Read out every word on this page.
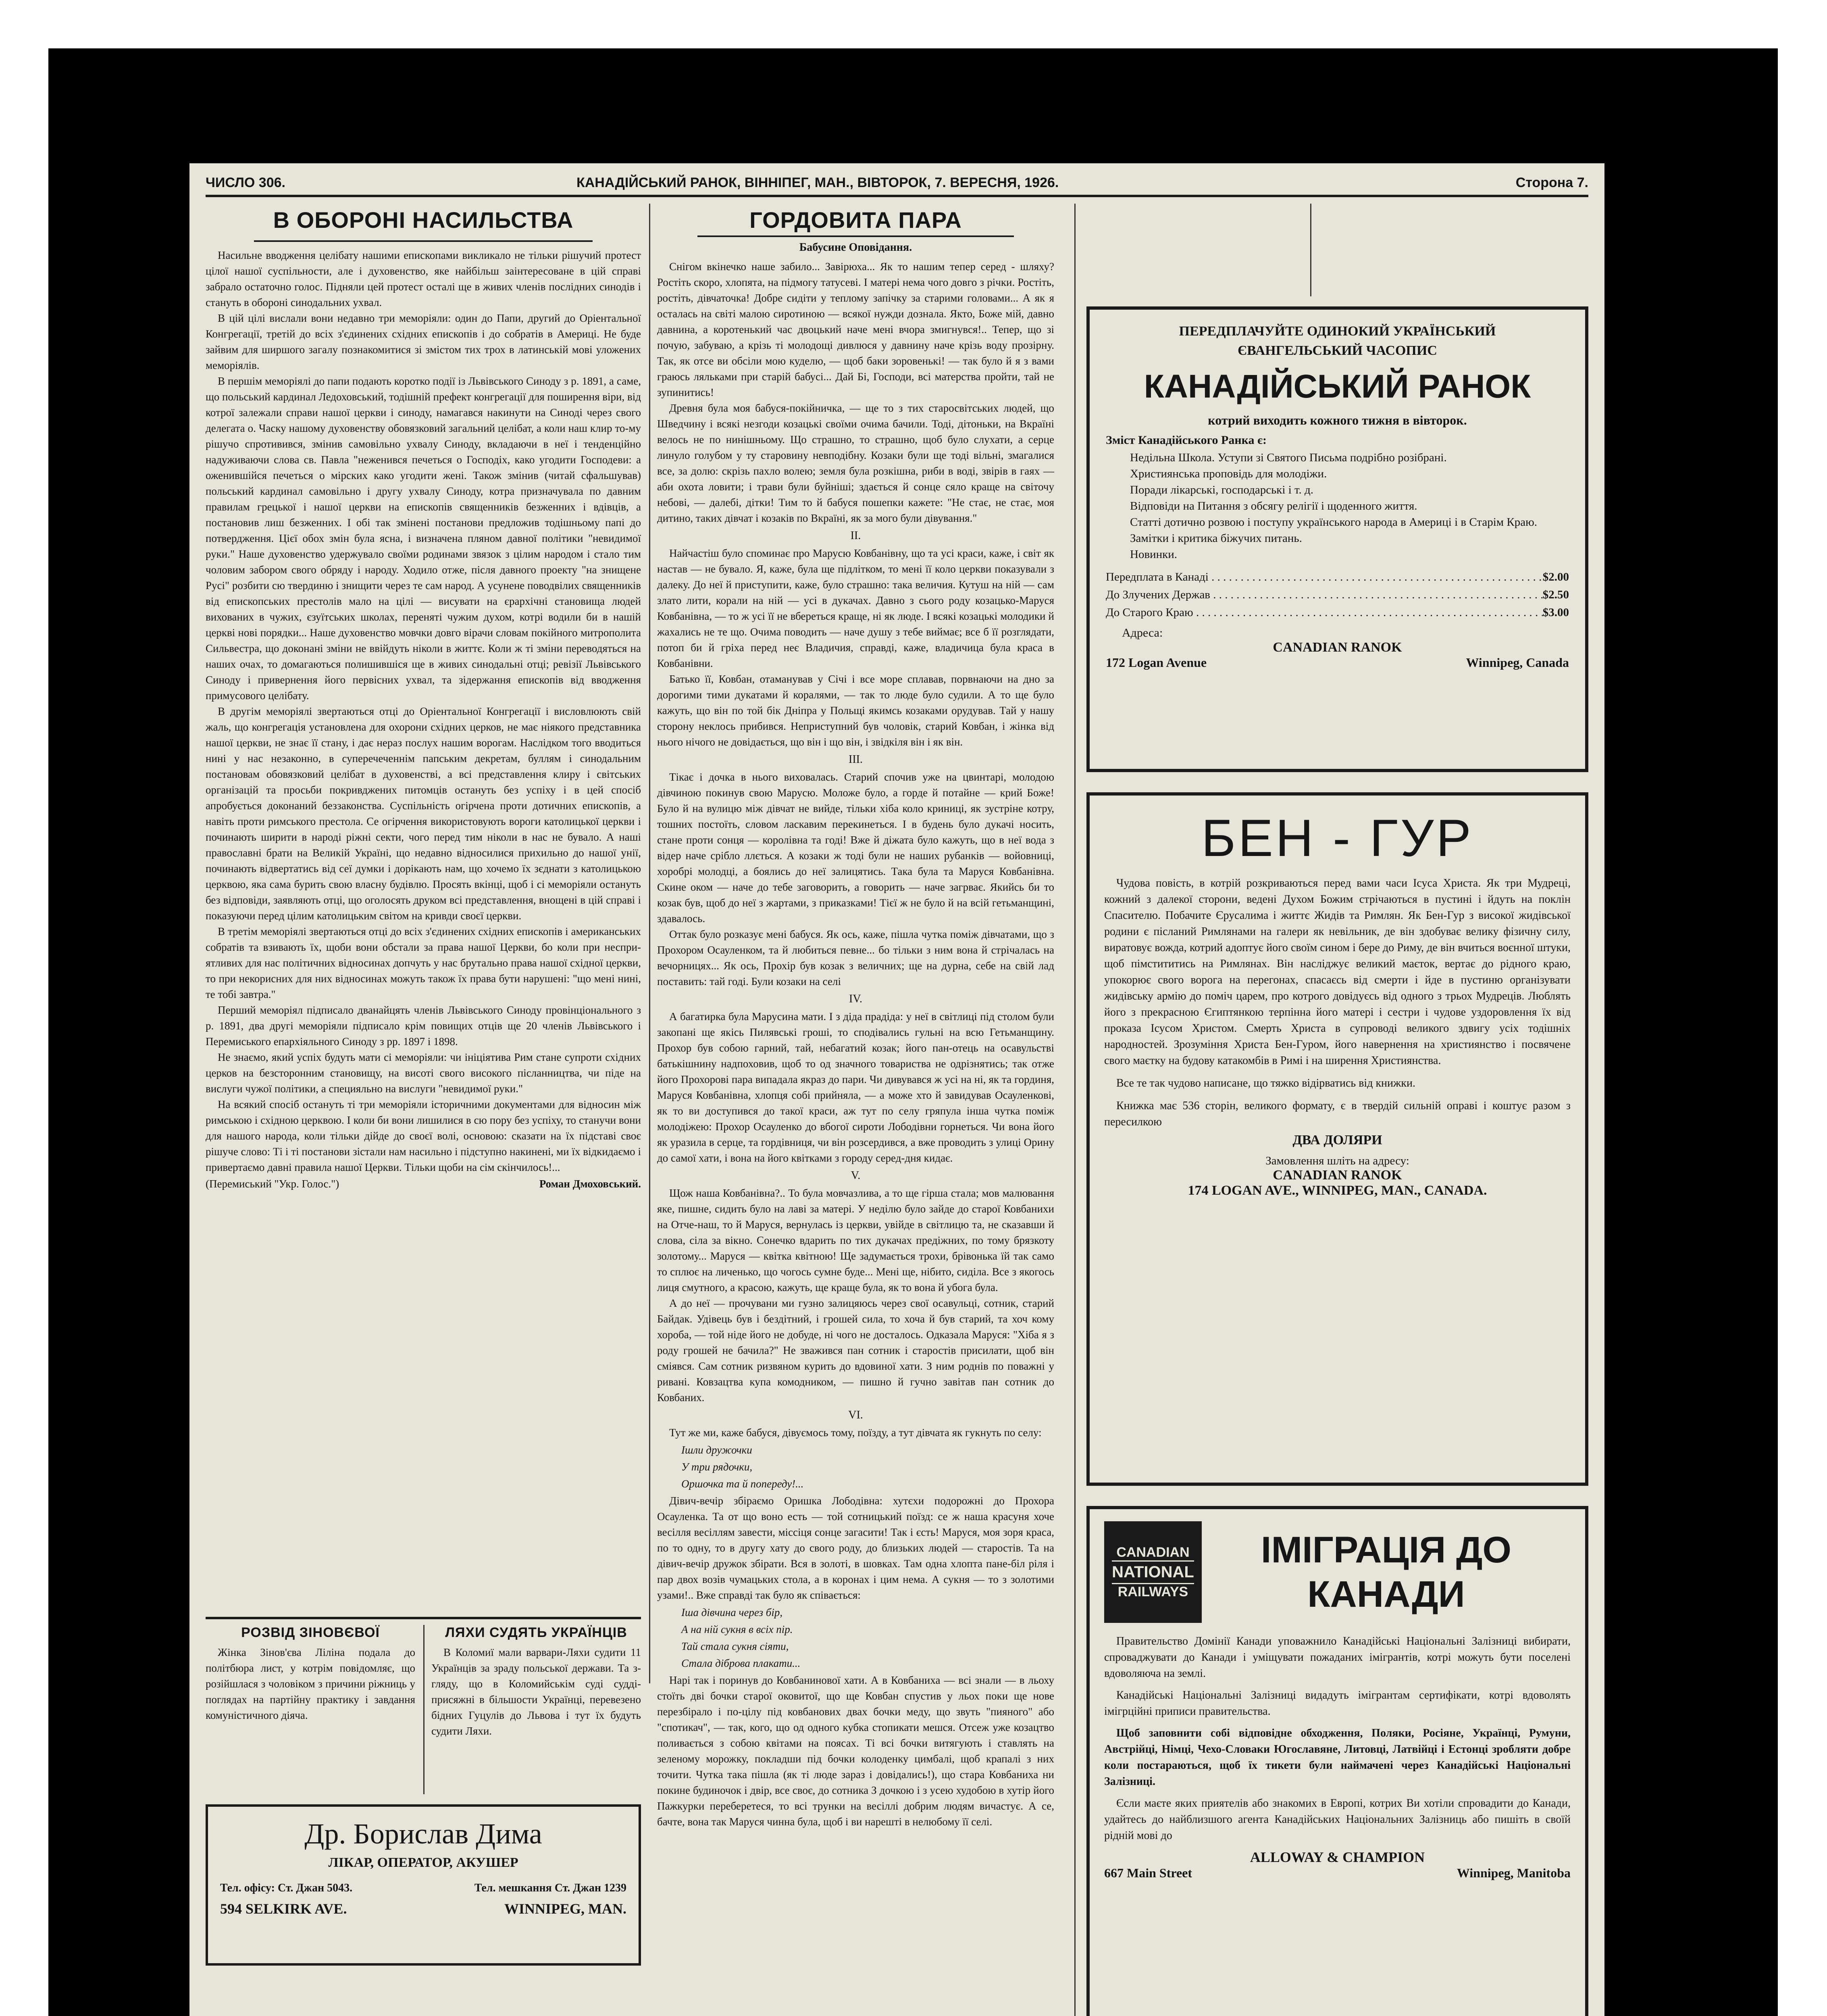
ЧИСЛО 306.	КАНАДІЙСЬКИЙ РАНОК, ВІННІПЕГ, МАН., ВІВТОРОК, 7. ВЕРЕСНЯ, 1926.	Сторона 7.
В ОБОРОНІ НАСИЛЬСТВА

Насильне вводження целібату нашими епископами викликало не тільки рішучий протест цілої нашої суспільности, але і духовенство, яке найбільш заінтересоване в цій справі забрало остаточно голос. Підняли цей протест осталі ще в живих членів послідних синодів і стануть в обороні синодальних ухвал.

В цій цілі вислали вони недавно три меморіяли: один до Папи, другий до Оріентальної Конгрегації, третій до всіх з'єдинених східних епископів і до собратів в Америці. Не буде зайвим для ширшого загалу познакомитися зі змістом тих трох в латинській мові уложених меморіялів.

В першім меморіялі до папи подають коротко події із Львівського Синоду з р. 1891, а саме, що польський кардинал Ледоховський, тодішній префект конгрегації для поширення віри, від котрої залежали справи нашої церкви і синоду, намагався накинути на Синоді через свого делегата о. Часку нашому духовенству обовязковий загальний целібат, а коли наш клир то-му рішучо спротивився, змінив самовільно ухвалу Синоду, вкладаючи в неї і тенденційно надуживаючи слова св. Павла "неженився печеться о Господіх, како угодити Господеви: а оженившійся печеться о мірских како угодити жені. Також змінив (читай сфальшував) польський кардинал самовільно і другу ухвалу Синоду, котра призначувала по давним правилам грецької і нашої церкви на епископів священників безженних і вдівців, а постановив лиш безженних. І обі так змінені постанови предложив тодішньому папі до потвердження. Цієї обох змін була ясна, і визначена пляном давної політики "невидимої руки." Наше духовенство удержувало своїми родинами звязок з цілим народом і стало тим чоловим забором свого обряду і народу. Ходило отже, після давного проекту "на знищене Русі" розбити сю твердиню і знищити через те сам народ. А усунене поводвілих священників від епископських престолів мало на цілі — висувати на єрархічні становища людей вихованих в чужих, єзуїтських школах, переняті чужим духом, котрі водили би в нашій церкві нові порядки... Наше духовенство мовчки довго вірачи словам покійного митрополита Сильвестра, що доконані зміни не ввійдуть ніколи в життє. Коли ж ті зміни переводяться на наших очах, то домагаються полишившіся ще в живих синодальні отці; ревізії Львівського Синоду і привернення його первісних ухвал, та зідержання епископів від вводження примусового целібату.

В другім меморіялі звертаються отці до Оріентальної Конгрегації і висловлюють свій жаль, що конгрегація установлена для охорони східних церков, не має ніякого представника нашої церкви, не знає її стану, і дає нераз послух нашим ворогам. Наслідком того вводиться нині у нас незаконно, в суперечеченнім папським декретам, буллям і синодальним постановам обовязковий целібат в духовенстві, а всі представлення клиру і світських організацій та просьби покривджених питомців остануть без успіху і в цей спосіб апробується доконаний беззаконства. Суспільність огірчена проти дотичних епископів, а навіть проти римського престола. Се огірчення використовують вороги католицької церкви і починають ширити в народі ріжні секти, чого перед тим ніколи в нас не бувало. А наші православні брати на Великій Україні, що недавно відносилися прихильно до нашої унії, починають відвертатись від сеї думки і дорікають нам, що хочемо їх зєднати з католицькою церквою, яка сама бурить свою власну будівлю. Просять вкінці, щоб і сі меморіяли остануть без відповіди, заявляють отці, що оголосять друком всі представлення, внощені в цій справі і показуючи перед цілим католицьким світом на кривди своєї церкви.

В третім меморіялі звертаються отці до всіх з'єдинених східних епископів і американських собратів та взивають їх, щоби вони обстали за права нашої Церкви, бо коли при неспри-ятливих для нас політичних відносинах допчуть у нас брутально права нашої східної церкви, то при некорисних для них відносинах можуть також їх права бути нарушені: "що мені нині, те тобі завтра."

Перший меморіял підписало дванайцять членів Львівського Синоду провінціонального з р. 1891, два другі меморіяли підписало крім повищих отців ще 20 членів Львівського і Перемиського епархіяльного Синоду з рр. 1897 і 1898.

Не знаємо, який успіх будуть мати сі меморіяли: чи ініціятива Рим стане супроти східних церков на безсторонним становищу, на висоті свого високого післанництва, чи піде на вислуги чужої політики, а специяльно на вислуги "невидимої руки."

На всякий спосіб остануть ті три меморіяли історичними документами для відносин між римською і східною церквою. І коли би вони лишилися в сю пору без успіху, то станучи вони для нашого народа, коли тільки дійде до своєї волі, основою: сказати на їх підставі своє рішуче слово: Ті і ті постанови зістали нам насильно і підступно накинені, ми їх відкидаємо і привертаємо давні правила нашої Церкви. Тільки щоби на сім скінчилось!...

(Перемиський "Укр. Голос.")	Роман Дмоховський.
РОЗВІД ЗІНОВЄВОЇ

Жінка Зінов'єва Ліліна подала до політбюра лист, у котрім повідомляє, що розійшлася з чоловіком з причини ріжниць у поглядах на партійну практику і завдання комуністичного діяча.

ЛЯХИ СУДЯТЬ УКРАЇНЦІВ

В Коломиї мали варвари-Ляхи судити 11 Українців за зраду польської держави. Та з-гляду, що в Коломийськім суді судді-присяжні в більшости Українці, перевезено бідних Гуцулів до Львова і тут їх будуть судити Ляхи.

Др. Борислав Дима
ЛІКАР, ОПЕРАТОР, АКУШЕР
Тел. офісу: Ст. Джан 5043.	Тел. мешкання Ст. Джан 1239
594 SELKIRK AVE.	WINNIPEG, MAN.
ГОРДОВИТА ПАРА
Бабусине Оповідання.

Снігом вкінечко наше забило... Завірюха... Як то нашим тепер серед - шляху? Ростіть скоро, хлопята, на підмогу татусеві. І матері нема чого довго з річки. Ростіть, ростіть, дівчаточка! Добре сидіти у теплому запічку за старими головами... А як я осталась на світі малою сиротиною — всякої нужди дознала. Якто, Боже мій, давно давнина, а коротенький час двоцький наче мені вчора змигнувся!.. Тепер, що зі почую, забуваю, а крізь ті молодощі дивлюся у давнину наче крізь воду прозірну. Так, як отсе ви обсіли мою куделю, — щоб баки зоровенькі! — так було й я з вами граюсь ляльками при старій бабусі... Дай Бі, Господи, всі матерства пройти, тай не зупинитись!

Древня була моя бабуся-покійничка, — ще то з тих старосвітських людей, що Шведчину і всякі незгоди козацькі своїми очима бачили. Тоді, дітоньки, на Вкраїні велось не по нинішньому. Що страшно, то страшно, щоб було слухати, а серце линуло голубом у ту старовину невподібну. Козаки були ще тоді вільні, змагалися все, за долю: скрізь пахло волею; земля була розкішна, риби в воді, звірів в гаях — аби охота ловити; і трави були буйніші; здається й сонце сяло краще на світочу небові, — далебі, дітки! Тим то й бабуся пошепки кажете: "Не стає, не стає, моя дитино, таких дівчат і козаків по Вкраїні, як за мого були дівування."

II.

Найчастіш було споминає про Марусю Ковбанівну, що та усі краси, каже, і світ як настав — не бувало. Я, каже, була ще підлітком, то мені її коло церкви показували з далеку. До неї й приступити, каже, було страшно: така величия. Кутуш на ній — сам злато лити, корали на ній — усі в дукачах. Давно з сього роду козацько-Маруся Ковбанівна, — то ж усі її не вбереться краще, ні як люде. І всякі козацькі молодики й жахались не те що. Очима поводить — наче душу з тебе виймає; все б її розглядати, потоп би й гріха перед неє Владичия, справді, каже, владичица була краса в Ковбанівни.

Батько її, Ковбан, отаманував у Січі і все море сплавав, порвнаючи на дно за дорогими тими дукатами й коралями, — так то люде було судили. А то ще було кажуть, що він по той бік Дніпра у Польщі якимсь козаками орудував. Тай у нашу сторону неклось прибився. Неприступний був чоловік, старий Ковбан, і жінка від нього нічого не довідається, що він і що він, і звідкіля він і як він.

III.

Тікає і дочка в нього виховалась. Старий спочив уже на цвинтарі, молодою дівчиною покинув свою Марусю. Моложе було, а горде й потайне — крий Боже! Було й на вулицю між дівчат не вийде, тільки хіба коло криниці, як зустріне котру, тошних постоїть, словом ласкавим перекинеться. І в будень було дукачі носить, стане проти сонця — королівна та годі! Вже й діжата було кажуть, що в неї вода з відер наче срібло ллється. А козаки ж тоді були не наших рубанків — войовниці, хоробрі молодці, а боялись до неї залицятись. Така була та Маруся Ковбанівна. Скине оком — наче до тебе заговорить, а говорить — наче загрває. Якийсь би то козак був, щоб до неї з жартами, з приказками! Тієї ж не було й на всій гетьманщині, здавалось.

Оттак було розказує мені бабуся. Як ось, каже, пішла чутка поміж дівчатами, що з Прохором Осауленком, та й любиться певне... бо тільки з ним вона й стрічалась на вечорницях... Як ось, Прохір був козак з величних; ще на дурна, себе на свій лад поставить: тай годі. Були козаки на селі

IV.

А багатирка була Марусина мати. І з діда прадіда: у неї в світлиці під столом були закопані ще якісь Пилявські гроші, то сподівались гульні на всю Гетьманщину. Прохор був собою гарний, тай, небагатий козак; його пан-отець на осавульстві батькішнину надпоховив, щоб то од значного товариства не одрізнятись; так отже його Прохорові пара випадала якраз до пари. Чи дивувався ж усі на ні, як та гординя, Маруся Ковбанівна, хлопця собі прийняла, — а може хто й завидував Осауленкові, як то ви доступився до такої краси, аж тут по селу гряпула інша чутка поміж молодіжею: Прохор Осауленко до вбогої сироти Лободівни горнеться. Чи вона його як уразила в серце, та гордівниця, чи він розсердився, а вже проводить з улиці Орину до самої хати, і вона на його квітками з городу серед-дня кидає.

V.

Щож наша Ковбанівна?.. То була мовчазлива, а то ще гірша стала; мов малювання яке, пишне, сидить було на лаві за матері. У неділю було зайде до старої Ковбанихи на Отче-наш, то й Маруся, вернулась із церкви, увійде в світлицю та, не сказавши й слова, сіла за вікно. Сонечко вдарить по тих дукачах предіжних, по тому брязкоту золотому... Маруся — квітка квітною! Ще задумається трохи, брівонька їй так само то сплює на личенько, що чогось сумне буде... Мені ще, нібито, сиділа. Все з якогось лиця смутного, а красою, кажуть, ще краще була, як то вона й убога була.

А до неї — прочувани ми гузно залицяюсь через свої осавульці, сотник, старий Байдак. Удівець був і бездітний, і грошей сила, то хоча й був старий, та хоч кому хороба, — той ніде його не добуде, ні чого не досталось. Одказала Маруся: "Хіба я з роду грошей не бачила?" Не зважився пан сотник і старостів присилати, щоб він сміявся. Сам сотник ризвяном курить до вдовиної хати. З ним роднів по поважні у ривані. Ковзацтва купа комодником, — пишно й гучно завітав пан сотник до Ковбаних.

VI.

Тут же ми, каже бабуся, дівуємось тому, поїзду, а тут дівчата як гукнуть по селу:

Ішли дружочки
У три рядочки,
Оршочка та й попереду!...

Дівич-вечір збіраємо Оришка Лободівна: хутєхи подорожні до Прохора Осауленка. Та от що воно есть — той сотницький поїзд: се ж наша красуня хоче весілля весіллям завести, міссіця сонце загасити! Так і єсть! Маруся, моя зоря краса, по то одну, то в другу хату до свого роду, до близьких людей — старостів. Та на дівич-вечір дружок збірати. Вся в золоті, в шовках. Там одна хлопта пане-біл ріля і пар двох возів чумацьких стола, а в коронах і цим нема. А сукня — то з золотими узами!.. Вже справді так було як співається:

Іша дівчина через бір,
А на ній сукня в всіх пір.
Тай стала сукня сіяти,
Стала діброва плакати...

Нарі так і поринув до Ковбанинової хати. А в Ковбаниха — всі знали — в льоху стоїть дві бочки старої оковитої, що ще Ковбан спустив у льох поки ще нове перезбірало і по-цілу під ковбанових двах бочки меду, що звуть "пияного" або "спотикач", — так, кого, що од одного кубка стопикати мешся. Отсеж уже козацтво поливається з собою квітами на поясах. Ті всі бочки витягують і ставлять на зеленому морожку, покладши під бочки колоденку цимбалі, щоб крапалі з них точити. Чутка така пішла (як ті люде зараз і довідались!), що стара Ковбаниха ни покине будиночок і двір, все своє, до сотника З дочкою і з усею худобою в хутір його Пажкурки переберетеся, то всі трунки на весіллі добрим людям вичастує. А се, бачте, вона так Маруся чинна була, щоб і ви нарешті в нелюбому її селі.

ПЕРЕДПЛАЧУЙТЕ ОДИНОКИЙ УКРАЇНСЬКИЙ
ЄВАНГЕЛЬСЬКИЙ ЧАСОПИС
КАНАДІЙСЬКИЙ РАНОК
котрий виходить кожного тижня в вівторок.
Зміст Канадійського Ранка є:
Недільна Школа. Уступи зі Святого Письма подрібно розібрані.
Християнська проповідь для молодіжи.
Поради лікарські, господарські і т. д.
Відповіди на Питання з обсягу релігії і щоденного життя.
Статті дотично розвою і поступу українського народа в Америці і в Старім Краю.
Замітки і критика біжучих питань.
Новинки.
Передплата в Канаді . . .	$2.00
До Злучених Держав . . .	$2.50
До Старого Краю . . .	$3.00
Адреса:
CANADIAN RANOK
172 Logan Avenue	Winnipeg, Canada
БЕН - ГУР

Чудова повість, в котрій розкриваються перед вами часи Ісуса Христа. Як три Мудреці, кожний з далекої сторони, ведені Духом Божим стрічаються в пустині і йдуть на поклін Спасителю. Побачите Єрусалима і життє Жидів та Римлян. Як Бен-Гур з високої жидівської родини є післаний Римлянами на галери як невільник, де він здобуває велику фізичну силу, виратовує вожда, котрий адоптує його своїм сином і бере до Риму, де він вчиться воєнної штуки, щоб пімстититись на Римлянах. Він насліджує великий маєток, вертає до рідного краю, упокорює свого ворога на перегонах, спасаєсь від смерти і йде в пустиню організувати жидівську армію до поміч царем, про котрого довідуєсь від одного з трьох Мудреців. Люблять його з прекрасною Єгиптянкою терпінна його матері і сестри і чудове уздоровлення їх від проказа Ісусом Христом. Смерть Христа в супроводі великого здвигу усіх тодішніх народностей. Зрозуміння Христа Бен-Гуром, його навернення на християнство і посвячене свого маєтку на будову катакомбів в Римі і на ширення Християнства.

Все те так чудово написане, що тяжко відірватись від книжки.

Книжка має 536 сторін, великого формату, є в твердій сильній оправі і коштує разом з пересилкою

ДВА ДОЛЯРИ
Замовлення шліть на адресу:
CANADIAN RANOK
174 LOGAN AVE., WINNIPEG, MAN., CANADA.
CANADIAN
NATIONAL
RAILWAYS
ІМІГРАЦІЯ ДО
КАНАДИ

Правительство Домінії Канади уповажнило Канадійські Національні Залізниці вибирати, спроваджувати до Канади і уміщувати пожаданих імігрантів, котрі можуть бути поселені вдоволяюча на землі.

Канадійські Національні Залізниці видадуть імігрантам сертифікати, котрі вдоволять імігрційні приписи правительства.

Щоб заповнити собі відповідне обходження, Поляки, Росіяне, Українці, Румуни, Австрійці, Німці, Чехо-Словаки Югославяне, Литовці, Латвійці і Естонці зробляти добре коли постараються, щоб їх тикети були наймачені через Канадійські Національні Залізниці.

Єсли маєте яких приятелів або знакомих в Европі, котрих Ви хотіли спровадити до Канади, удайтесь до найблизшого агента Канадійських Національних Залізниць або пишіть в своїй рідній мові до

ALLOWAY & CHAMPION
667 Main Street	Winnipeg, Manitoba
